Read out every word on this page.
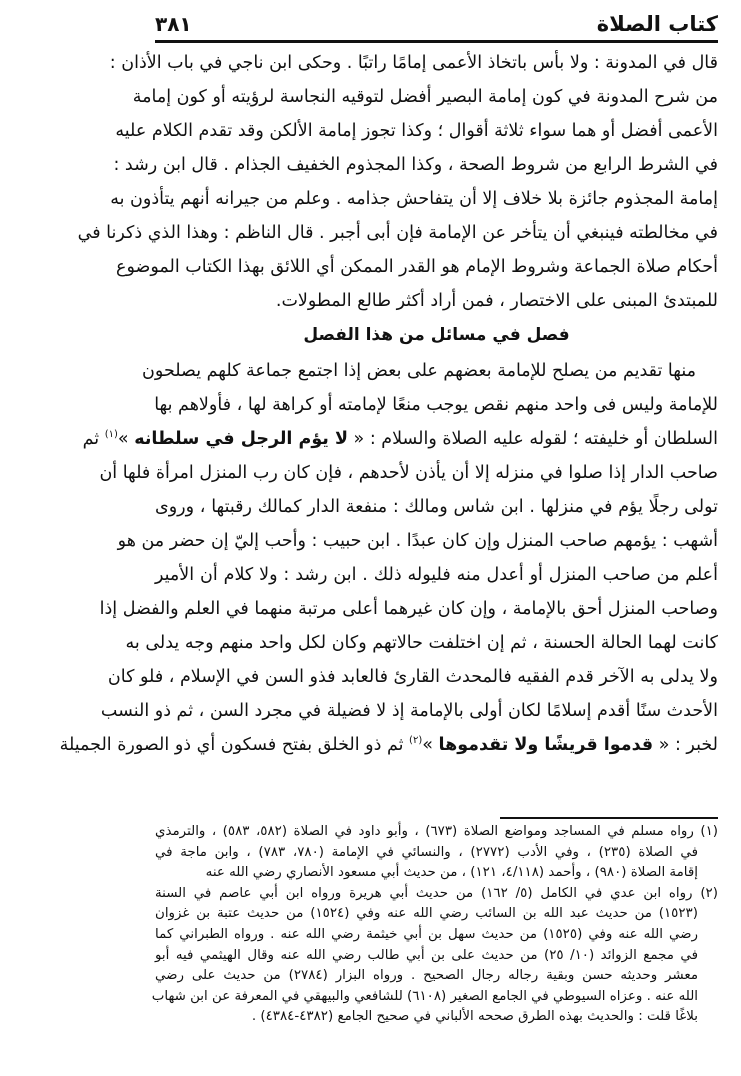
كتاب الصلاة
٣٨١
قال في المدونة : ولا بأس باتخاذ الأعمى إمامًا راتبًا . وحكى ابن ناجي في باب الأذان :
من شرح المدونة في كون إمامة البصير أفضل لتوقيه النجاسة لرؤيته أو كون إمامة
الأعمى أفضل أو هما سواء ثلاثة أقوال ؛ وكذا تجوز إمامة الألكن وقد تقدم الكلام عليه
في الشرط الرابع من شروط الصحة ، وكذا المجذوم الخفيف الجذام . قال ابن رشد :
إمامة المجذوم جائزة بلا خلاف إلا أن يتفاحش جذامه . وعلم من جيرانه أنهم يتأذون به
في مخالطته فينبغي أن يتأخر عن الإمامة فإن أبى أجبر . قال الناظم : وهذا الذي ذكرنا في
أحكام صلاة الجماعة وشروط الإمام هو القدر الممكن أي اللائق بهذا الكتاب الموضوع
للمبتدئ المبنى على الاختصار ، فمن أراد أكثر طالع المطولات.
فصل في مسائل من هذا الفصل
منها تقديم من يصلح للإمامة بعضهم على بعض إذا اجتمع جماعة كلهم يصلحون
للإمامة وليس فى واحد منهم نقص يوجب منعًا لإمامته أو كراهة لها ، فأولاهم بها
السلطان أو خليفته ؛ لقوله عليه الصلاة والسلام : « لا يؤم الرجل في سلطانه »$^{(١)}$ ثم
صاحب الدار إذا صلوا في منزله إلا أن يأذن لأحدهم ، فإن كان رب المنزل امرأة فلها أن
تولى رجلًا يؤم في منزلها . ابن شاس ومالك : منفعة الدار كمالك رقبتها ، وروى
أشهب : يؤمهم صاحب المنزل وإن كان عبدًا . ابن حبيب : وأحب إليّ إن حضر من هو
أعلم من صاحب المنزل أو أعدل منه فليوله ذلك . ابن رشد : ولا كلام أن الأمير
وصاحب المنزل أحق بالإمامة ، وإن كان غيرهما أعلى مرتبة منهما في العلم والفضل إذا
كانت لهما الحالة الحسنة ، ثم إن اختلفت حالاتهم وكان لكل واحد منهم وجه يدلى به
ولا يدلى به الآخر قدم الفقيه فالمحدث القارئ فالعابد فذو السن في الإسلام ، فلو كان
الأحدث سنًا أقدم إسلامًا لكان أولى بالإمامة إذ لا فضيلة في مجرد السن ، ثم ذو النسب
لخبر : « قدموا قريشًا ولا تقدموها »$^{(٢)}$ ثم ذو الخلق بفتح فسكون أي ذو الصورة الجميلة
(١) رواه مسلم في المساجد ومواضع الصلاة (٦٧٣) ، وأبو داود في الصلاة (٥٨٢، ٥٨٣) ، والترمذي
في الصلاة (٢٣٥) ، وفي الأدب (٢٧٧٢) ، والنسائي في الإمامة (٧٨٠، ٧٨٣) ، وابن ماجة في
إقامة الصلاة (٩٨٠) ، وأحمد (٤/١١٨، ١٢١) ، من حديث أبي مسعود الأنصاري رضي الله عنه
(٢) رواه ابن عدي في الكامل (٥/ ١٦٢) من حديث أبي هريرة ورواه ابن أبي عاصم في السنة
(١٥٢٣) من حديث عبد الله بن السائب رضي الله عنه وفي (١٥٢٤) من حديث عتبة بن غزوان
رضي الله عنه وفي (١٥٢٥) من حديث سهل بن أبي خيثمة رضي الله عنه . ورواه الطبراني كما
في مجمع الزوائد (١٠/ ٢٥) من حديث على بن أبي طالب رضي الله عنه وقال الهيثمي فيه أبو
معشر وحديثه حسن وبقية رجاله رجال الصحيح . ورواه البزار (٢٧٨٤) من حديث على رضي
الله عنه . وعزاه السيوطي في الجامع الصغير (٦١٠٨) للشافعي والبيهقي في المعرفة عن ابن شهاب
بلاغًا قلت : والحديث بهذه الطرق صححه الألباني في صحيح الجامع (٤٣٨٢-٤٣٨٤) .
